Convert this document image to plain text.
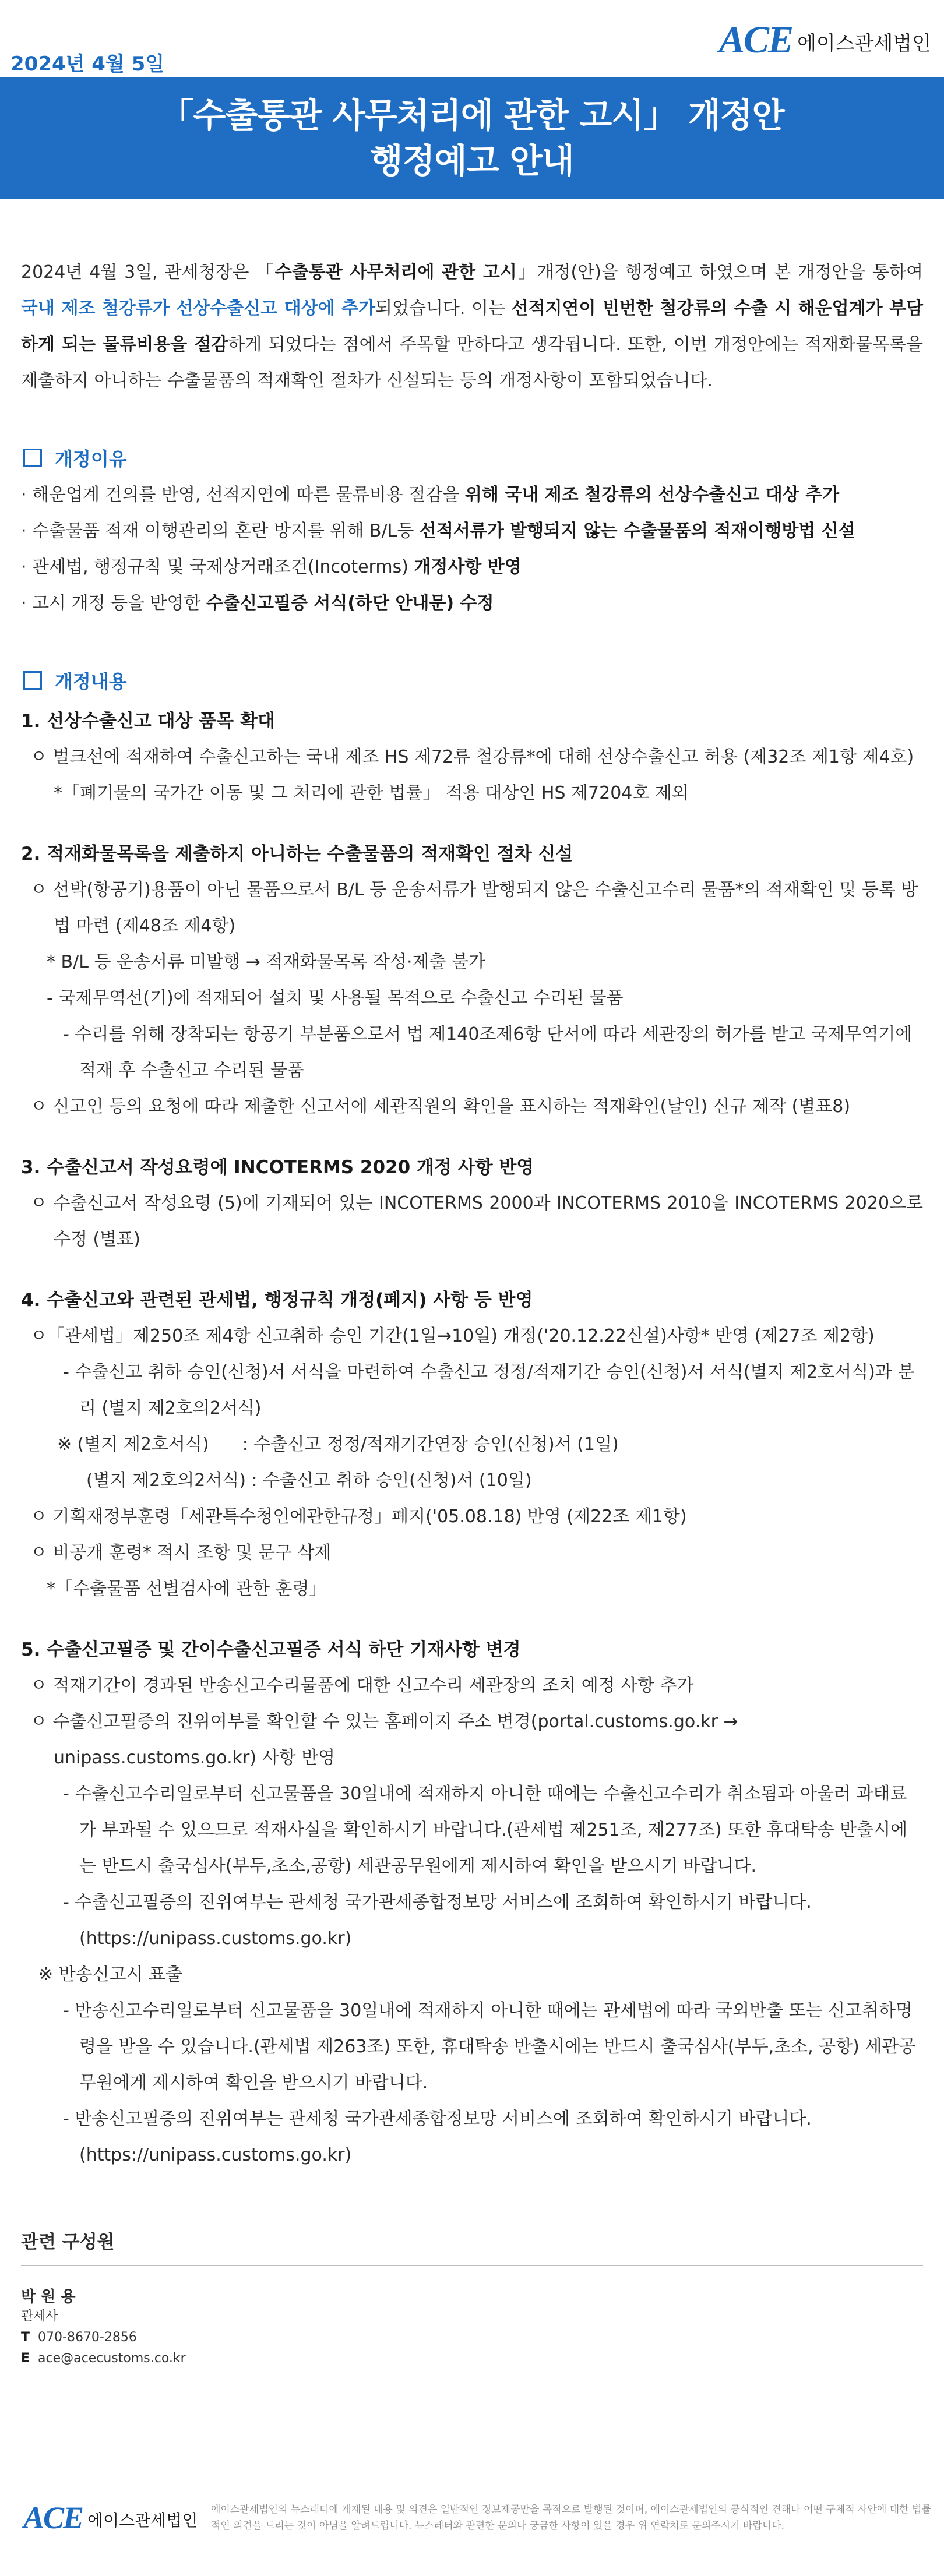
2024년 4월 5일
ACE 에이스관세법인
「수출통관 사무처리에 관한 고시」 개정안
행정예고 안내
2024년 4월 3일, 관세청장은 「수출통관 사무처리에 관한 고시」개정(안)을 행정예고 하였으며 본 개정안을 통하여 국내 제조 철강류가 선상수출신고 대상에 추가되었습니다. 이는 선적지연이 빈번한 철강류의 수출 시 해운업계가 부담하게 되는 물류비용을 절감하게 되었다는 점에서 주목할 만하다고 생각됩니다. 또한, 이번 개정안에는 적재화물목록을 제출하지 아니하는 수출물품의 적재확인 절차가 신설되는 등의 개정사항이 포함되었습니다.
개정이유
· 해운업계 건의를 반영, 선적지연에 따른 물류비용 절감을 위해 국내 제조 철강류의 선상수출신고 대상 추가
· 수출물품 적재 이행관리의 혼란 방지를 위해 B/L등 선적서류가 발행되지 않는 수출물품의 적재이행방법 신설
· 관세법, 행정규칙 및 국제상거래조건(Incoterms) 개정사항 반영
· 고시 개정 등을 반영한 수출신고필증 서식(하단 안내문) 수정
개정내용
1. 선상수출신고 대상 품목 확대
ㅇ 벌크선에 적재하여 수출신고하는 국내 제조 HS 제72류 철강류*에 대해 선상수출신고 허용 (제32조 제1항 제4호) *「폐기물의 국가간 이동 및 그 처리에 관한 법률」 적용 대상인 HS 제7204호 제외
2. 적재화물목록을 제출하지 아니하는 수출물품의 적재확인 절차 신설
ㅇ 선박(항공기)용품이 아닌 물품으로서 B/L 등 운송서류가 발행되지 않은 수출신고수리 물품*의 적재확인 및 등록 방법 마련 (제48조 제4항)
* B/L 등 운송서류 미발행 → 적재화물목록 작성·제출 불가
- 국제무역선(기)에 적재되어 설치 및 사용될 목적으로 수출신고 수리된 물품
- 수리를 위해 장착되는 항공기 부분품으로서 법 제140조제6항 단서에 따라 세관장의 허가를 받고 국제무역기에 적재 후 수출신고 수리된 물품
ㅇ 신고인 등의 요청에 따라 제출한 신고서에 세관직원의 확인을 표시하는 적재확인(날인) 신규 제작 (별표8)
3. 수출신고서 작성요령에 INCOTERMS 2020 개정 사항 반영
ㅇ 수출신고서 작성요령 (5)에 기재되어 있는 INCOTERMS 2000과 INCOTERMS 2010을 INCOTERMS 2020으로 수정 (별표)
4. 수출신고와 관련된 관세법, 행정규칙 개정(폐지) 사항 등 반영
ㅇ「관세법」제250조 제4항 신고취하 승인 기간(1일→10일) 개정('20.12.22신설)사항* 반영 (제27조 제2항)
- 수출신고 취하 승인(신청)서 서식을 마련하여 수출신고 정정/적재기간 승인(신청)서 서식(별지 제2호서식)과 분리 (별지 제2호의2서식)
※ (별지 제2호서식)      : 수출신고 정정/적재기간연장 승인(신청)서 (1일)
(별지 제2호의2서식) : 수출신고 취하 승인(신청)서 (10일)
ㅇ 기획재정부훈령「세관특수청인에관한규정」폐지('05.08.18) 반영 (제22조 제1항)
ㅇ 비공개 훈령* 적시 조항 및 문구 삭제
*「수출물품 선별검사에 관한 훈령」
5. 수출신고필증 및 간이수출신고필증 서식 하단 기재사항 변경
ㅇ 적재기간이 경과된 반송신고수리물품에 대한 신고수리 세관장의 조치 예정 사항 추가
ㅇ 수출신고필증의 진위여부를 확인할 수 있는 홈페이지 주소 변경(portal.customs.go.kr → unipass.customs.go.kr) 사항 반영
- 수출신고수리일로부터 신고물품을 30일내에 적재하지 아니한 때에는 수출신고수리가 취소됨과 아울러 과태료가 부과될 수 있으므로 적재사실을 확인하시기 바랍니다.(관세법 제251조, 제277조) 또한 휴대탁송 반출시에는 반드시 출국심사(부두,초소,공항) 세관공무원에게 제시하여 확인을 받으시기 바랍니다.
- 수출신고필증의 진위여부는 관세청 국가관세종합정보망 서비스에 조회하여 확인하시기 바랍니다.(https://unipass.customs.go.kr)
※ 반송신고시 표출
- 반송신고수리일로부터 신고물품을 30일내에 적재하지 아니한 때에는 관세법에 따라 국외반출 또는 신고취하명령을 받을 수 있습니다.(관세법 제263조) 또한, 휴대탁송 반출시에는 반드시 출국심사(부두,초소, 공항) 세관공무원에게 제시하여 확인을 받으시기 바랍니다.
- 반송신고필증의 진위여부는 관세청 국가관세종합정보망 서비스에 조회하여 확인하시기 바랍니다. (https://unipass.customs.go.kr)
관련 구성원
박 원 용
관세사
T 070-8670-2856
E ace@acecustoms.co.kr
ACE 에이스관세법인
에이스관세법인의 뉴스레터에 게재된 내용 및 의견은 일반적인 정보제공만을 목적으로 발행된 것이며, 에이스관세법인의 공식적인 견해나 어떤 구체적 사안에 대한 법률적인 의견을 드리는 것이 아님을 알려드립니다. 뉴스레터와 관련한 문의나 궁금한 사항이 있을 경우 위 연락처로 문의주시기 바랍니다.
